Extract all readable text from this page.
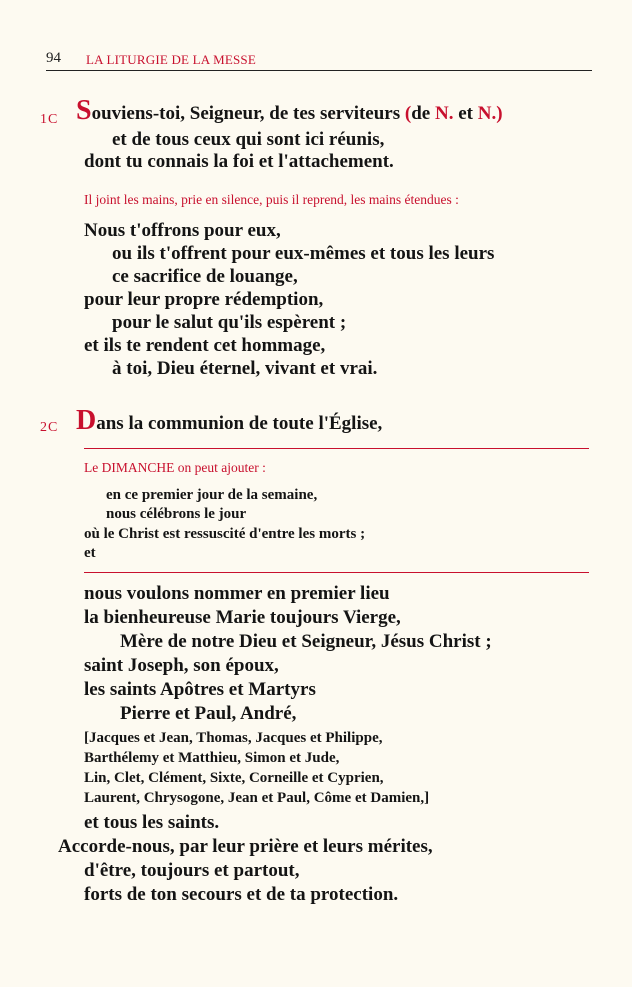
94 LA LITURGIE DE LA MESSE
1C Souviens-toi, Seigneur, de tes serviteurs (de N. et N.)
et de tous ceux qui sont ici réunis,
dont tu connais la foi et l'attachement.
Il joint les mains, prie en silence, puis il reprend, les mains étendues :
Nous t'offrons pour eux,
ou ils t'offrent pour eux-mêmes et tous les leurs
ce sacrifice de louange,
pour leur propre rédemption,
pour le salut qu'ils espèrent ;
et ils te rendent cet hommage,
à toi, Dieu éternel, vivant et vrai.
2C Dans la communion de toute l'Église,
Le DIMANCHE on peut ajouter :
en ce premier jour de la semaine,
nous célébrons le jour
où le Christ est ressuscité d'entre les morts ;
et
nous voulons nommer en premier lieu
la bienheureuse Marie toujours Vierge,
Mère de notre Dieu et Seigneur, Jésus Christ ;
saint Joseph, son époux,
les saints Apôtres et Martyrs
Pierre et Paul, André,
[Jacques et Jean, Thomas, Jacques et Philippe,
Barthélemy et Matthieu, Simon et Jude,
Lin, Clet, Clément, Sixte, Corneille et Cyprien,
Laurent, Chrysogone, Jean et Paul, Côme et Damien,]
et tous les saints.
Accorde-nous, par leur prière et leurs mérites,
d'être, toujours et partout,
forts de ton secours et de ta protection.
